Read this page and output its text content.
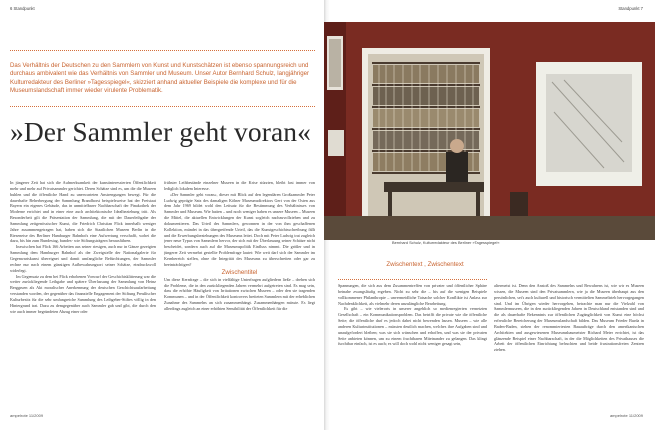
6 Standpunkt
Das Verhältnis der Deutschen zu den Sammlern von Kunst und Kunstschätzen ist ebenso spannungsreich und durchaus ambivalent wie das Verhältnis von Sammler und Museum. Unser Autor Bernhard Schulz, langjähriger Kulturredakteur des Berliner »Tagesspiegel«, skizziert anhand aktueller Beispiele die komplexe und für die Museumslandschaft immer wieder virulente Problematik.
»Der Sammler geht voran«

In jüngerer Zeit hat sich die Aufmerksamkeit der kunstinteressierten Öffentlichkeit mehr und mehr auf Privatsammler gerichtet. Deren Schätze sind es, um die die Museen buhlen und die öffentliche Hand zu unerwarteten Anstrengungen bewegt. Für die dauerhafte Beherbergung der Sammlung Brandhorst beispielsweise hat der Freistaat Bayern ein eigenes Gebäude, das in unmittelbarer Nachbarschaft der Pinakothek der Moderne errichtet und in einer eine auch architektonische Idealbeziehung tritt. Als Besonderheit gilt die Präsentation der Sammlung, die mit der Dauerleihgabe der Sammlung zeitgenössischer Kunst, die Friedrich Christian Flick innerhalb weniger Jahre zusammengetragen hat, haben sich die Staatlichen Museen Berlin in die Rieseneise des Berliner Hamburger Bahnhofs eine Aufwertung verschafft, wobei die dazu, bis hin zum Bundestag, bundes- wie Stiftungsträgern herausführen.

Inzwischen hat Flick 166 Arbeiten aus seiner riesigen, auch nur in Gänze gezeigten Sammlung dem Hamburger Bahnhof als der Zweigstelle der Nationalgalerie für Gegenwartskunst übereignet und damit umfangliche Befürchtungen, der Sammler rechne nur nach einem günstigen Aufbewahrungsort seiner Schätze, eindrucksvoll widerlegt.

Im Gegensatz zu dem bei Flick erhobenen Vorwurf der Geschichtsklitterung war die weiter zurückliegende Leihgabe und spätere Überlassung der Sammlung von Heinz Berggruen als Akt moralischer Anerkennung der deutschen Geschichtsaufarbeitung verstanden worden, der gegenüber das finanzielle Engagement der Stiftung Preußischer Kulturbesitz für die sehr umfangreiche Sammlung des Leihgeber-Stiftes völlig in den Hintergrund trat. Dazu zu demgegenüber auch Sammler gab und gibt, die durch den wie auch immer begründeten Abzug einer oder

frühster Leihbestände einzelner Museen in die Krise stürzten, bleibt fast immer von lediglich lokalem Interesse.

»Der Sammler geht voran«, dieser mit Blick auf den legendären Großsammler Peter Ludwig geprägte Satz des damaligen Kölner Museumsdirektors Gert von der Osten aus dem Jahr 1969 bildet wohl den Leitsatz für die Bestimmung des Verhältnisses von Sammler und Museum. Wie hatten – und noch weniger haben es unsere Museen – Museen die Mittel, die aktuellen Entwicklungen der Kunst sogleich nachzuvollziehen und zu dokumentieren. Das Urteil des Sammlers, gewonnen in der von ihm geschaffenen Kollektion, mündet in das übergreifende Urteil, das die Kunstgeschichtsschreibung fällt und die Erwerbungsbeziehungen des Museums leitet. Doch mit Peter Ludwig trat zugleich jener neue Typus von Sammlern hervor, der sich mit der Überlassung seiner Schätze nicht bescheidet, sondern auch auf die Museumspolitik Einfluss nimmt. Die größer und in jüngerer Zeit vermehrt gestellte Problemfrage lautet: Wie weit darf sich der Sammler im Kernbereich stellen, ohne die Integrität des Museums zu überschreiten oder gar zu beeinträchtigen?

Zwischentitel

Um diese Kernfrage – die sich in vielfältige Unterfragen aufgliedern ließe – drehen sich die Probleme, die in den zurückliegenden Jahren vermehrt aufgetreten sind. Es mag sein, dass die erhöhte Häufigkeit von Irritationen zwischen Museen – oder den sie tragenden Kommunen – und in der Öffentlichkeit kontrovers breiteten Sammlern mit der erheblichen Zunahme des Sammelns an sich zusammenhängt. Zusammenhängen müsste. Es liegt allerdings zugleich an einer erhöhten Sensibilität der Öffentlichkeit für die

ampelrote 11/2009
Standpunkt 7
Bernhard Schulz, Kulturredakteur des Berliner »Tagesspiegel«
Zwischentext , Zwischentext

Spannungen, die sich aus dem Zusammentreffen von privater und öffentlicher Sphäre beinahe zwangsläufig ergeben. Nicht zu sehr die – bis auf die wenigen Beispiele vollkommener Philanthropie – unvermeidliche Tatsache solcher Konflikte ist Anlass zur Nachdenklichkeit, als vielmehr deren unzulängliche Bearbeitung.

Es gibt – wie vielerorts in unserer angeblich so medienregierten vernetzten Gesellschaft – ein Kommunikationsproblem. Das betrifft die private wie die öffentliche Seite; die öffentliche darf es jedoch dabei nicht bewenden lassen. Museen – wie alle anderen Kulturinstitutionen – müssten deutlich machen, welches ihre Aufgaben sind und unaufgefordert bleiben; was sie sich wünschen und erhoffen, und was sie der privaten Seite anbieten können, um zu einem fruchtbaren Miteinander zu gelangen. Das klingt furchtbar einfach, ist es auch; es will doch wohl nicht weniger gesagt sein,

altermeist ist. Denn den Anstoß des Sammelns und Bewahrens ist, wie wir es Museen wissen, die Museen sind den Privatsammlern, wie ja die Museen überhaupt aus den persönlichen, sei's auch kulturell und historisch vermittelten Sammeltrieb hervorgegangen sind. Und im Übrigen wieder hervorgehen, betrachte man nur die Vielzahl von Sammlermuseen, die in den zurückliegenden Jahren in Deutschland entstanden sind und die als dauerhafte Bekenntnis zur öffentlichen Zugänglichkeit von Kunst eine höchst erfreuliche Bereicherung der Museumslandschaft bilden. Das Museum Frieder Burda in Baden-Baden, stehen der renommiertesten Bauaufträge durch den amerikanischen Architekten und ausgewiesenen Museumsbaumeister Richard Meier errichtet, ist das glänzende Beispiel einer Nachbarschaft, in der die Möglichkeiten des Privathauses die Arbeit der öffentlichen Einrichtung befruchten und beide frustrationsfreien Zentren ziehen.

ampelrote 11/2009
